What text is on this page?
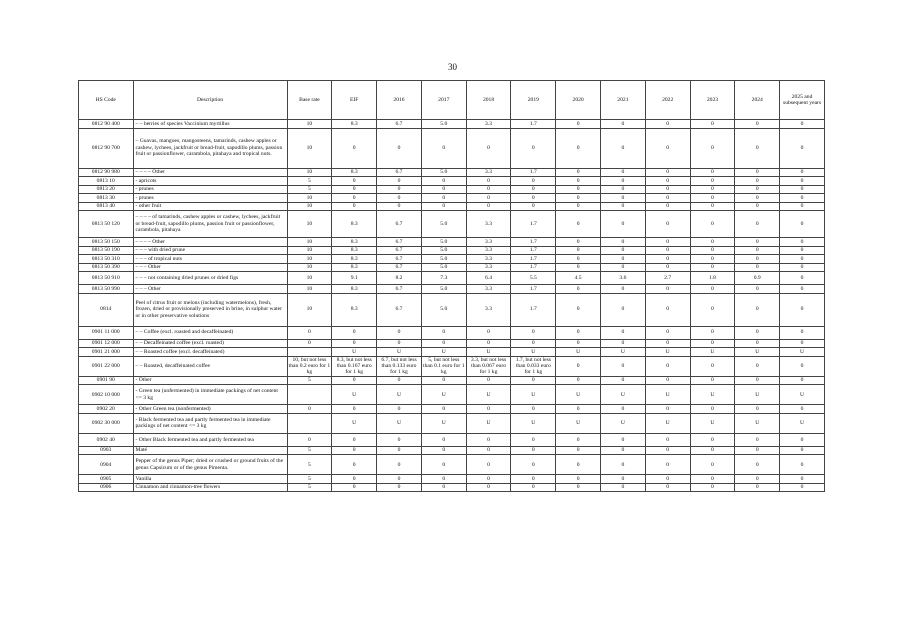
30
HS Code	Description	Base rate	EIF	2016	2017	2018	2019	2020	2021	2022	2023	2024	2025 and subsequent years
0812 90 400	– – berries of species Vaccinium myrtillus	10	8.3	6.7	5.0	3.3	1.7	0	0	0	0	0	0
0812 90 700	– Guavas, mangoes, mangosteens, tamarinds, cashew apples or cashew, lychees, jackfruit or bread-fruit, sapodillo plums, passion fruit or passionflower, carambola, pitahaya and tropical nuts.	10	0	0	0	0	0	0	0	0	0	0	0
0812 90 980	– – – – Other	10	8.3	6.7	5.0	3.3	1.7	0	0	0	0	0	0
0813 10	- apricots	5	0	0	0	0	0	0	0	0	0	0	0
0813 20	- prunes	5	0	0	0	0	0	0	0	0	0	0	0
0813 30	- prunes	10	0	0	0	0	0	0	0	0	0	0	0
0813 40	- other fruit	10	0	0	0	0	0	0	0	0	0	0	0
0813 50 120	– – – – of tamarinds, cashew apples or cashew, lychees, jackfruit or bread-fruit, sapodillo plums, passion fruit or passionflower, carambola, pitahaya	10	8.3	6.7	5.0	3.3	1.7	0	0	0	0	0	0
0813 50 150	– – – – Other	10	8.3	6.7	5.0	3.3	1.7	0	0	0	0	0	0
0813 50 190	– – – with dried prune	10	8.3	6.7	5.0	3.3	1.7	0	0	0	0	0	0
0813 50 310	– – – of tropical nuts	10	8.3	6.7	5.0	3.3	1.7	0	0	0	0	0	0
0813 50 390	– – – Other	10	8.3	6.7	5.0	3.3	1.7	0	0	0	0	0	0
0813 50 910	– – – not containing dried prunes or dried figs	10	9.1	8.2	7.3	6.4	5.5	4.5	3.6	2.7	1.8	0.9	0
0813 50 990	– – – Other	10	8.3	6.7	5.0	3.3	1.7	0	0	0	0	0	0
0814	Peel of citrus fruit or melons (including watermelons), fresh, frozen, dried or provisionally preserved in brine, in sulphur water or in other preservative solutions	10	8.3	6.7	5.0	3.3	1.7	0	0	0	0	0	0
0901 11 000	– – Coffee (excl. roasted and decaffeinated)	0	0	0	0	0	0	0	0	0	0	0	0
0901 12 000	– – Decaffeinated coffee (excl. roasted)	0	0	0	0	0	0	0	0	0	0	0	0
0901 21 000	– – Roasted coffee (excl. decaffeinated)		U	U	U	U	U	U	U	U	U	U	U
0901 22 000	– – Roasted, decaffeinated coffee	10, but not less than 0.2 euro for 1 kg	8.3, but not less than 0.167 euro for 1 kg	6.7, but not less than 0.133 euro for 1 kg	5, but not less than 0.1 euro for 1 kg	3.3, but not less than 0.067 euro for 1 kg	1.7, but not less than 0.033 euro for 1 kg	0	0	0	0	0	0
0901 90	- Other	5	0	0	0	0	0	0	0	0	0	0	0
0902 10 000	- Green tea (unfermented) in immediate packings of net content <= 3 kg		U	U	U	U	U	U	U	U	U	U	U
0902 20	- Other Green tea (nonfermented)	0	0	0	0	0	0	0	0	0	0	0	0
0902 30 000	- Black fermented tea and partly fermented tea in immediate packings of net content <= 3 kg		U	U	U	U	U	U	U	U	U	U	U
0902 40	- Other Black fermented tea and partly fermented tea	0	0	0	0	0	0	0	0	0	0	0	0
0903	Maté	5	0	0	0	0	0	0	0	0	0	0	0
0904	Pepper of the genus Piper; dried or crushed or ground fruits of the genus Capsicum or of the genus Pimenta.	5	0	0	0	0	0	0	0	0	0	0	0
0905	Vanilla	5	0	0	0	0	0	0	0	0	0	0	0
0906	Cinnamon and cinnamon-tree flowers	5	0	0	0	0	0	0	0	0	0	0	0
